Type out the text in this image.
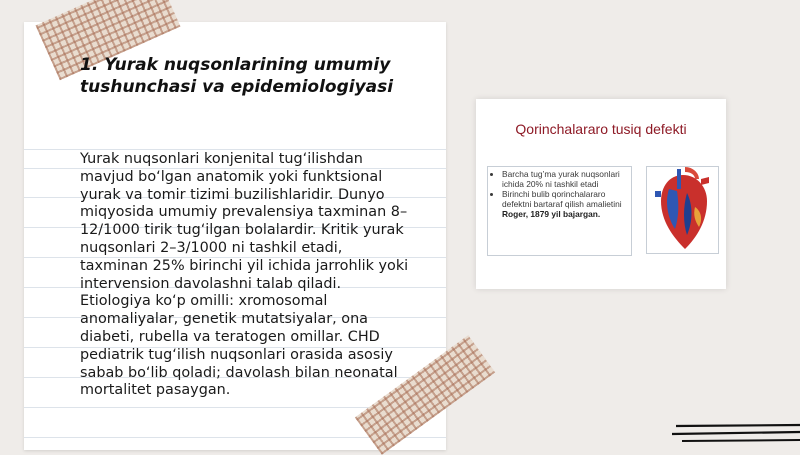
1. Yurak nuqsonlarining umumiy
tushunchasi va epidemiologiyasi
Yurak nuqsonlari konjenital tug‘ilishdan
mavjud bo‘lgan anatomik yoki funktsional
yurak va tomir tizimi buzilishlaridir. Dunyo
miqyosida umumiy prevalensiya taxminan 8–
12/1000 tirik tug‘ilgan bolalardir. Kritik yurak
nuqsonlari 2–3/1000 ni tashkil etadi,
taxminan 25% birinchi yil ichida jarrohlik yoki
intervension davolashni talab qiladi.
Etiologiya ko‘p omilli: xromosomal
anomaliyalar, genetik mutatsiyalar, ona
diabeti, rubella va teratogen omillar. CHD
pediatrik tug‘ilish nuqsonlari orasida asosiy
sabab bo‘lib qoladi; davolash bilan neonatal
mortalitet pasaygan.
Qorinchalararo tusiq defekti
• Barcha tug’ma yurak nuqsonlari ichida 20% ni tashkil etadi
• Birinchi bulib qorinchalararo defektni bartaraf qilish amalietini Roger, 1879 yil bajargan.
